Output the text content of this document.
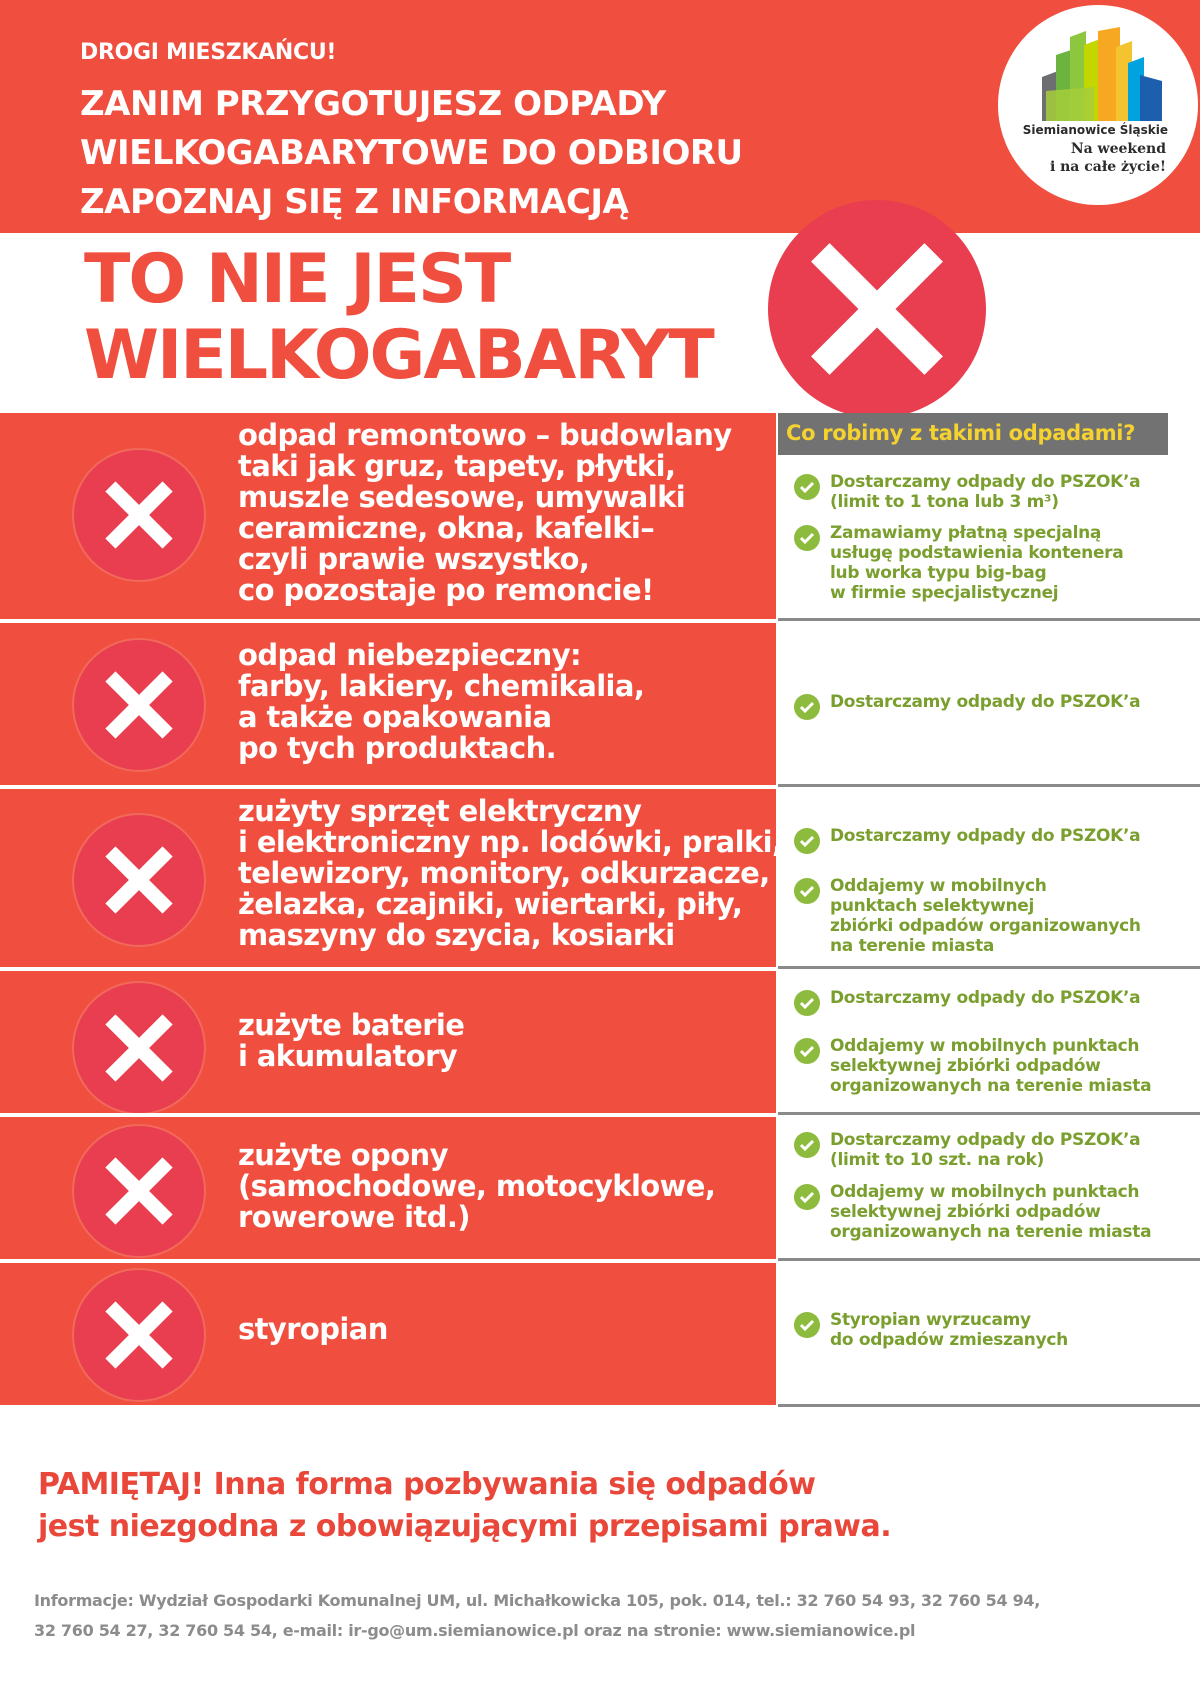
DROGI MIESZKAŃCU!
ZANIM PRZYGOTUJESZ ODPADY
WIELKOGABARYTOWE DO ODBIORU
ZAPOZNAJ SIĘ Z INFORMACJĄ
Siemianowice Śląskie
Na weekend
i na całe życie!
TO NIE JEST
WIELKOGABARYT
Co robimy z takimi odpadami?
odpad remontowo – budowlany
taki jak gruz, tapety, płytki,
muszle sedesowe, umywalki
ceramiczne, okna, kafelki–
czyli prawie wszystko,
co pozostaje po remoncie!
Dostarczamy odpady do PSZOK’a
(limit to 1 tona lub 3 m³)
Zamawiamy płatną specjalną
usługę podstawienia kontenera
lub worka typu big-bag
w firmie specjalistycznej
odpad niebezpieczny:
farby, lakiery, chemikalia,
a także opakowania
po tych produktach.
Dostarczamy odpady do PSZOK’a
zużyty sprzęt elektryczny
i elektroniczny np. lodówki, pralki,
telewizory, monitory, odkurzacze,
żelazka, czajniki, wiertarki, piły,
maszyny do szycia, kosiarki
Dostarczamy odpady do PSZOK’a
Oddajemy w mobilnych
punktach selektywnej
zbiórki odpadów organizowanych
na terenie miasta
zużyte baterie
i akumulatory
Dostarczamy odpady do PSZOK’a
Oddajemy w mobilnych punktach
selektywnej zbiórki odpadów
organizowanych na terenie miasta
zużyte opony
(samochodowe, motocyklowe,
rowerowe itd.)
Dostarczamy odpady do PSZOK’a
(limit to 10 szt. na rok)
Oddajemy w mobilnych punktach
selektywnej zbiórki odpadów
organizowanych na terenie miasta
styropian	Styropian wyrzucamy
do odpadów zmieszanych
PAMIĘTAJ! Inna forma pozbywania się odpadów
jest niezgodna z obowiązującymi przepisami prawa.
Informacje: Wydział Gospodarki Komunalnej UM, ul. Michałkowicka 105, pok. 014, tel.: 32 760 54 93, 32 760 54 94,
32 760 54 27, 32 760 54 54, e-mail: ir-go@um.siemianowice.pl oraz na stronie: www.siemianowice.pl
